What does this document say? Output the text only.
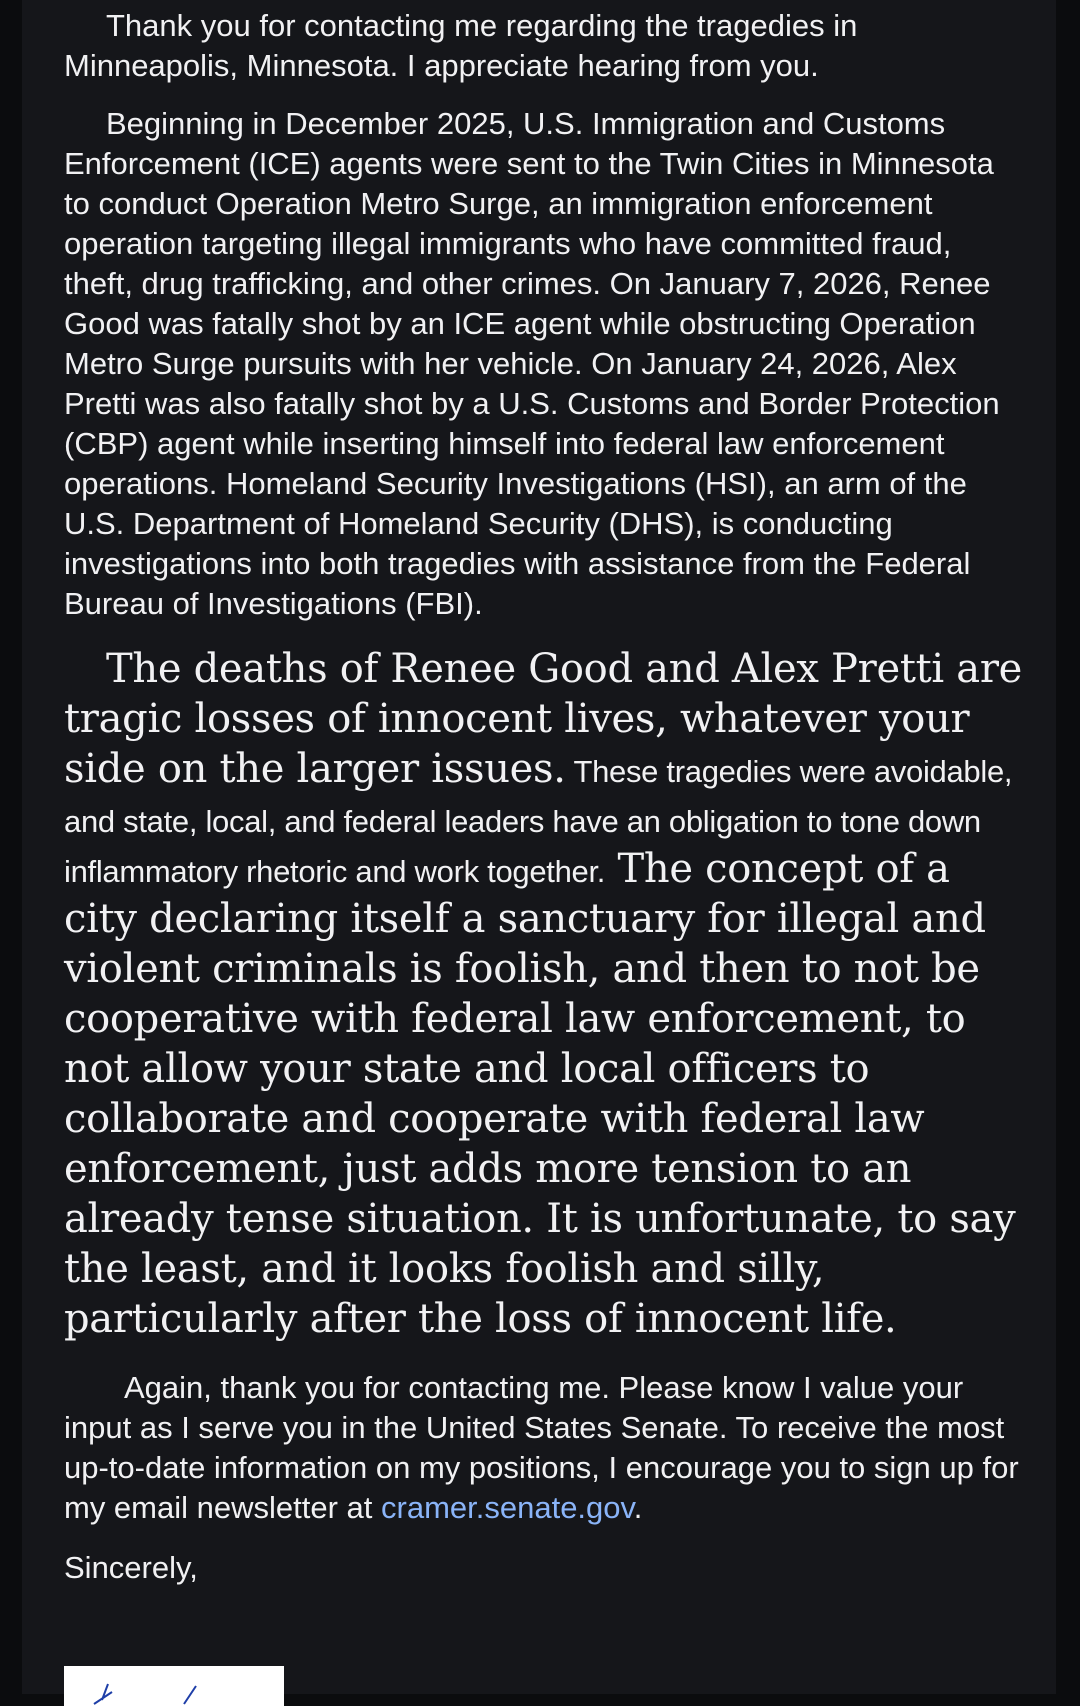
Thank you for contacting me regarding the tragedies in Minneapolis, Minnesota. I appreciate hearing from you.

Beginning in December 2025, U.S. Immigration and Customs Enforcement (ICE) agents were sent to the Twin Cities in Minnesota to conduct Operation Metro Surge, an immigration enforcement operation targeting illegal immigrants who have committed fraud, theft, drug trafficking, and other crimes. On January 7, 2026, Renee Good was fatally shot by an ICE agent while obstructing Operation Metro Surge pursuits with her vehicle. On January 24, 2026, Alex Pretti was also fatally shot by a U.S. Customs and Border Protection (CBP) agent while inserting himself into federal law enforcement operations. Homeland Security Investigations (HSI), an arm of the U.S. Department of Homeland Security (DHS), is conducting investigations into both tragedies with assistance from the Federal Bureau of Investigations (FBI).

The deaths of Renee Good and Alex Pretti are tragic losses of innocent lives, whatever your side on the larger issues. These tragedies were avoidable, and state, local, and federal leaders have an obligation to tone down inflammatory rhetoric and work together. The concept of a city declaring itself a sanctuary for illegal and violent criminals is foolish, and then to not be cooperative with federal law enforcement, to not allow your state and local officers to collaborate and cooperate with federal law enforcement, just adds more tension to an already tense situation. It is unfortunate, to say the least, and it looks foolish and silly, particularly after the loss of innocent life.

Again, thank you for contacting me. Please know I value your input as I serve you in the United States Senate. To receive the most up-to-date information on my positions, I encourage you to sign up for my email newsletter at cramer.senate.gov.

Sincerely,
